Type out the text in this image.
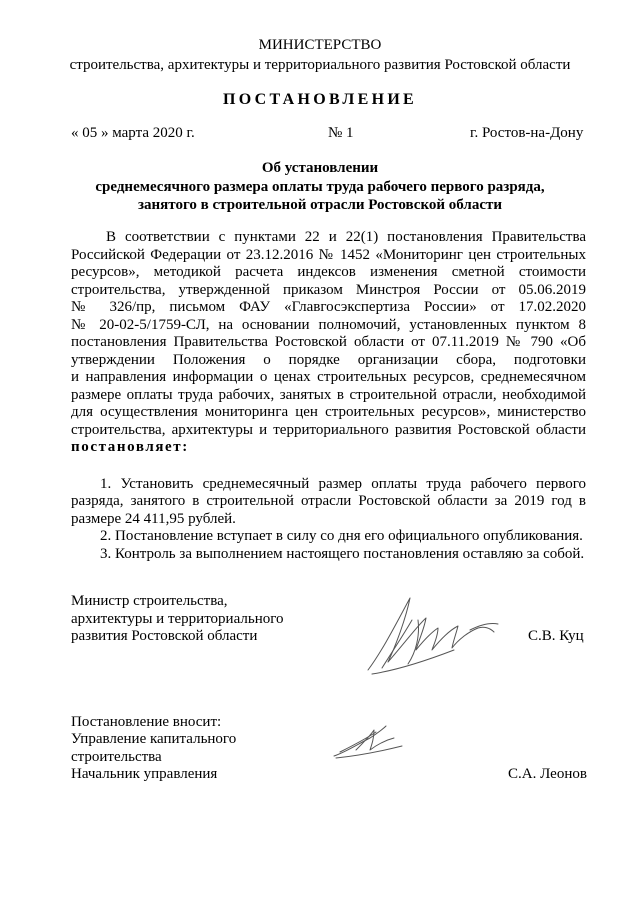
МИНИСТЕРСТВО
строительства, архитектуры и территориального развития Ростовской области
ПОСТАНОВЛЕНИЕ
« 05 » марта 2020 г.	№ 1	г. Ростов-на-Дону
Об установлении
среднемесячного размера оплаты труда рабочего первого разряда,
занятого в строительной отрасли Ростовской области
В соответствии с пунктами 22 и 22(1) постановления Правительства
Российской Федерации от 23.12.2016 № 1452 «Мониторинг цен строительных
ресурсов», методикой расчета индексов изменения сметной стоимости
строительства, утвержденной приказом Минстроя России от 05.06.2019
№ 326/пр, письмом ФАУ «Главгосэкспертиза России» от 17.02.2020
№ 20-02-5/1759-СЛ, на основании полномочий, установленных пунктом 8
постановления Правительства Ростовской области от 07.11.2019 № 790 «Об
утверждении Положения о порядке организации сбора, подготовки
и направления информации о ценах строительных ресурсов, среднемесячном
размере оплаты труда рабочих, занятых в строительной отрасли, необходимой
для осуществления мониторинга цен строительных ресурсов», министерство
строительства, архитектуры и территориального развития Ростовской области
постановляет:
1. Установить среднемесячный размер оплаты труда рабочего первого
разряда, занятого в строительной отрасли Ростовской области за 2019 год в
размере 24 411,95 рублей.
2. Постановление вступает в силу со дня его официального опубликования.
3. Контроль за выполнением настоящего постановления оставляю за собой.
Министр строительства,
архитектуры и территориального
развития Ростовской области	С.В. Куц
Постановление вносит:
Управление капитального
строительства
Начальник управления	С.А. Леонов
